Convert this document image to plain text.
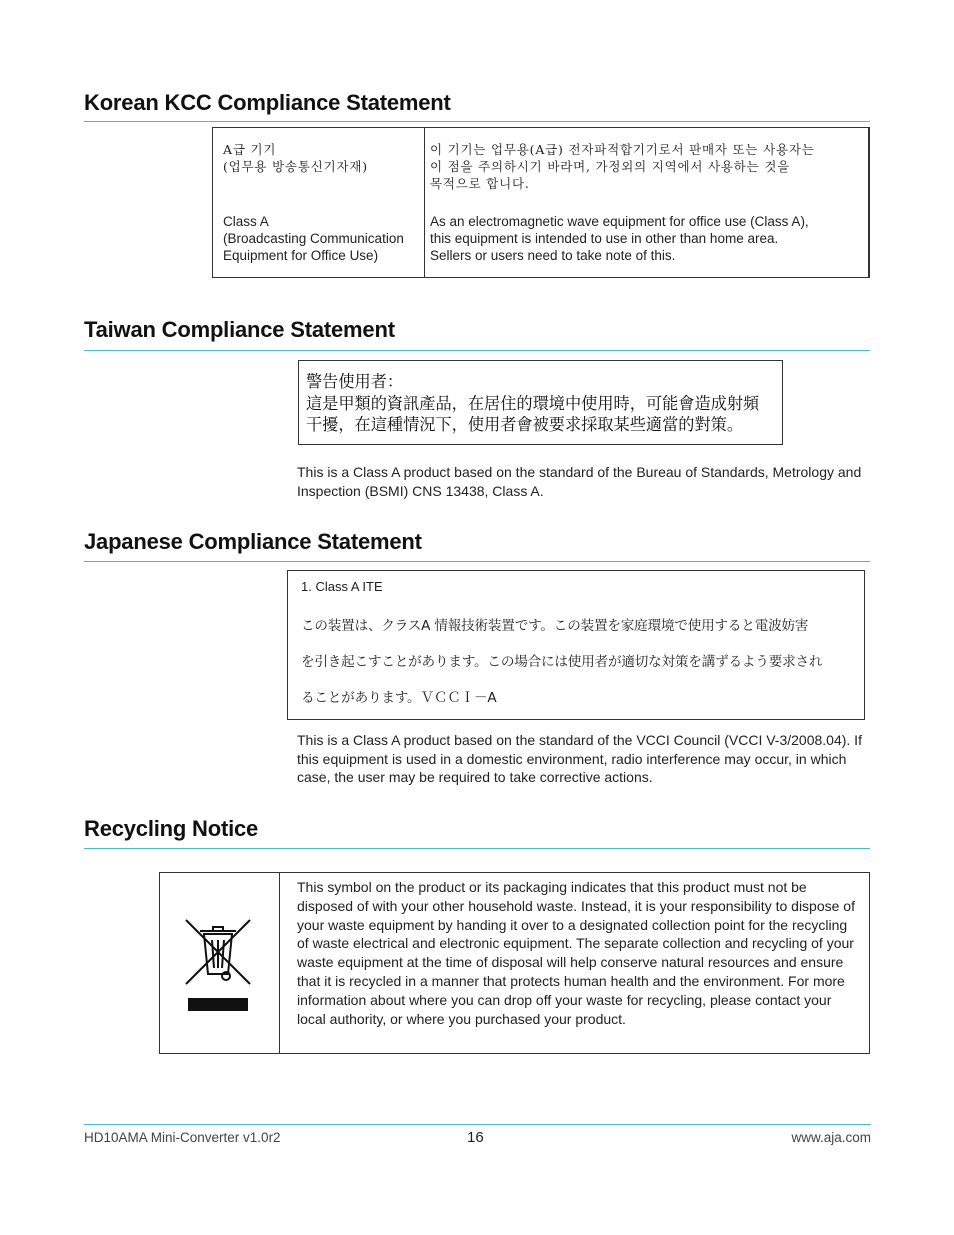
Korean KCC Compliance Statement
A급 기기
(업무용 방송통신기자재)
이 기기는 업무용(A급) 전자파적합기기로서 판매자 또는 사용자는
이 점을 주의하시기 바라며, 가정외의 지역에서 사용하는 것을
목적으로 합니다.
Class A
(Broadcasting Communication
Equipment for Office Use)
As an electromagnetic wave equipment for office use (Class A),
this equipment is intended to use in other than home area.
Sellers or users need to take note of this.
Taiwan Compliance Statement
警告使用者：
這是甲類的資訊產品，在居住的環境中使用時，可能會造成射頻
干擾，在這種情況下，使用者會被要求採取某些適當的對策。
This is a Class A product based on the standard of the Bureau of Standards, Metrology and Inspection (BSMI) CNS 13438, Class A.
Japanese Compliance Statement
1. Class A ITE
この装置は、クラスA 情報技術装置です。この装置を家庭環境で使用すると電波妨害
を引き起こすことがあります。この場合には使用者が適切な対策を講ずるよう要求され
ることがあります。ＶＣＣＩ－A
This is a Class A product based on the standard of the VCCI Council (VCCI V-3/2008.04). If this equipment is used in a domestic environment, radio interference may occur, in which case, the user may be required to take corrective actions.
Recycling Notice
This symbol on the product or its packaging indicates that this product must not be disposed of with your other household waste. Instead, it is your responsibility to dispose of your waste equipment by handing it over to a designated collection point for the recycling of waste electrical and electronic equipment. The separate collection and recycling of your waste equipment at the time of disposal will help conserve natural resources and ensure that it is recycled in a manner that protects human health and the environment. For more information about where you can drop off your waste for recycling, please contact your local authority, or where you purchased your product.
HD10AMA Mini-Converter v1.0r2	16	www.aja.com
